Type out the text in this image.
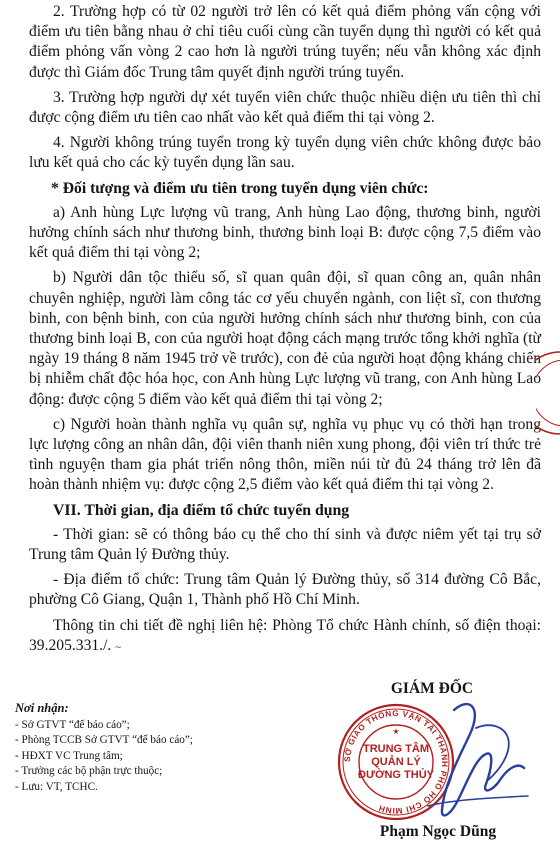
2. Trường hợp có từ 02 người trở lên có kết quả điểm phỏng vấn cộng với điểm ưu tiên bằng nhau ở chỉ tiêu cuối cùng cần tuyển dụng thì người có kết quả điểm phỏng vấn vòng 2 cao hơn là người trúng tuyển; nếu vẫn không xác định được thì Giám đốc Trung tâm quyết định người trúng tuyển.

3. Trường hợp người dự xét tuyển viên chức thuộc nhiều diện ưu tiên thì chỉ được cộng điểm ưu tiên cao nhất vào kết quả điểm thi tại vòng 2.

4. Người không trúng tuyển trong kỳ tuyển dụng viên chức không được bảo lưu kết quả cho các kỳ tuyển dụng lần sau.

* Đối tượng và điểm ưu tiên trong tuyển dụng viên chức:

a) Anh hùng Lực lượng vũ trang, Anh hùng Lao động, thương binh, người hưởng chính sách như thương binh, thương binh loại B: được cộng 7,5 điểm vào kết quả điểm thi tại vòng 2;

b) Người dân tộc thiểu số, sĩ quan quân đội, sĩ quan công an, quân nhân chuyên nghiệp, người làm công tác cơ yếu chuyển ngành, con liệt sĩ, con thương binh, con bệnh binh, con của người hưởng chính sách như thương binh, con của thương binh loại B, con của người hoạt động cách mạng trước tổng khởi nghĩa (từ ngày 19 tháng 8 năm 1945 trở về trước), con đẻ của người hoạt động kháng chiến bị nhiễm chất độc hóa học, con Anh hùng Lực lượng vũ trang, con Anh hùng Lao động: được cộng 5 điểm vào kết quả điểm thi tại vòng 2;

c) Người hoàn thành nghĩa vụ quân sự, nghĩa vụ phục vụ có thời hạn trong lực lượng công an nhân dân, đội viên thanh niên xung phong, đội viên trí thức trẻ tình nguyện tham gia phát triển nông thôn, miền núi từ đủ 24 tháng trở lên đã hoàn thành nhiệm vụ: được cộng 2,5 điểm vào kết quả điểm thi tại vòng 2.

VII. Thời gian, địa điểm tổ chức tuyển dụng

- Thời gian: sẽ có thông báo cụ thể cho thí sinh và được niêm yết tại trụ sở Trung tâm Quản lý Đường thủy.

- Địa điểm tổ chức: Trung tâm Quản lý Đường thủy, số 314 đường Cô Bắc, phường Cô Giang, Quận 1, Thành phố Hồ Chí Minh.

Thông tin chi tiết đề nghị liên hệ: Phòng Tổ chức Hành chính, số điện thoại: 39.205.331./. ~

Nơi nhận:
- Sở GTVT “để báo cáo”;
- Phòng TCCB Sở GTVT “để báo cáo”;
- HĐXT VC Trung tâm;
- Trưởng các bộ phận trực thuộc;
- Lưu: VT, TCHC.
GIÁM ĐỐC
SỞ GIAO THÔNG VẬN TẢI THÀNH PHỐ HỒ CHÍ MINH
★
TRUNG TÂM
QUẢN LÝ
ĐƯỜNG THỦY
Phạm Ngọc Dũng
